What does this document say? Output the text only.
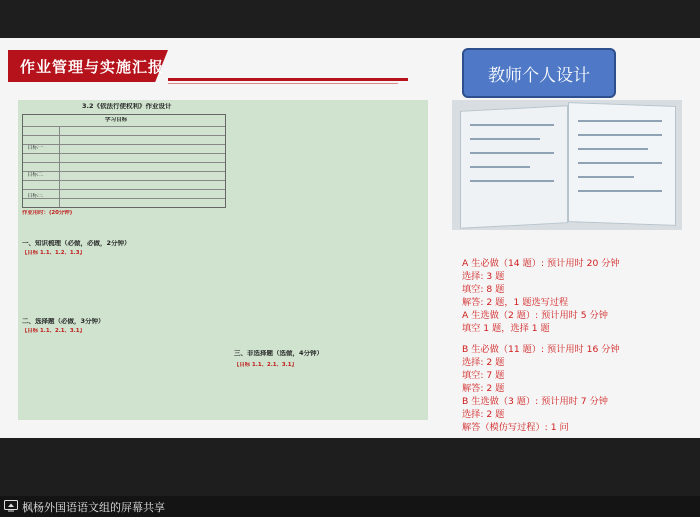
作业管理与实施汇报	教师个人设计
3.2《依法行使权利》作业设计
学习目标
目标一
目标二
目标三
作业用时：(20分钟)
一、知识梳理（必做，必做，2分钟）
【目标 1.1、1.2、1.3】
二、选择题（必做，3分钟）
【目标 1.1、2.1、3.1】
三、非选择题（选做，4分钟）
【目标 1.1、2.1、3.1】
A 生必做（14 题）: 预计用时 20 分钟
选择: 3 题
填空: 8 题
解答: 2 题，1 题选写过程
A 生选做（2 题）: 预计用时 5 分钟
填空 1 题，选择 1 题
B 生必做（11 题）: 预计用时 16 分钟
选择: 2 题
填空: 7 题
解答: 2 题
B 生选做（3 题）: 预计用时 7 分钟
选择: 2 题
解答（模仿写过程）: 1 问
枫杨外国语语文组的屏幕共享
